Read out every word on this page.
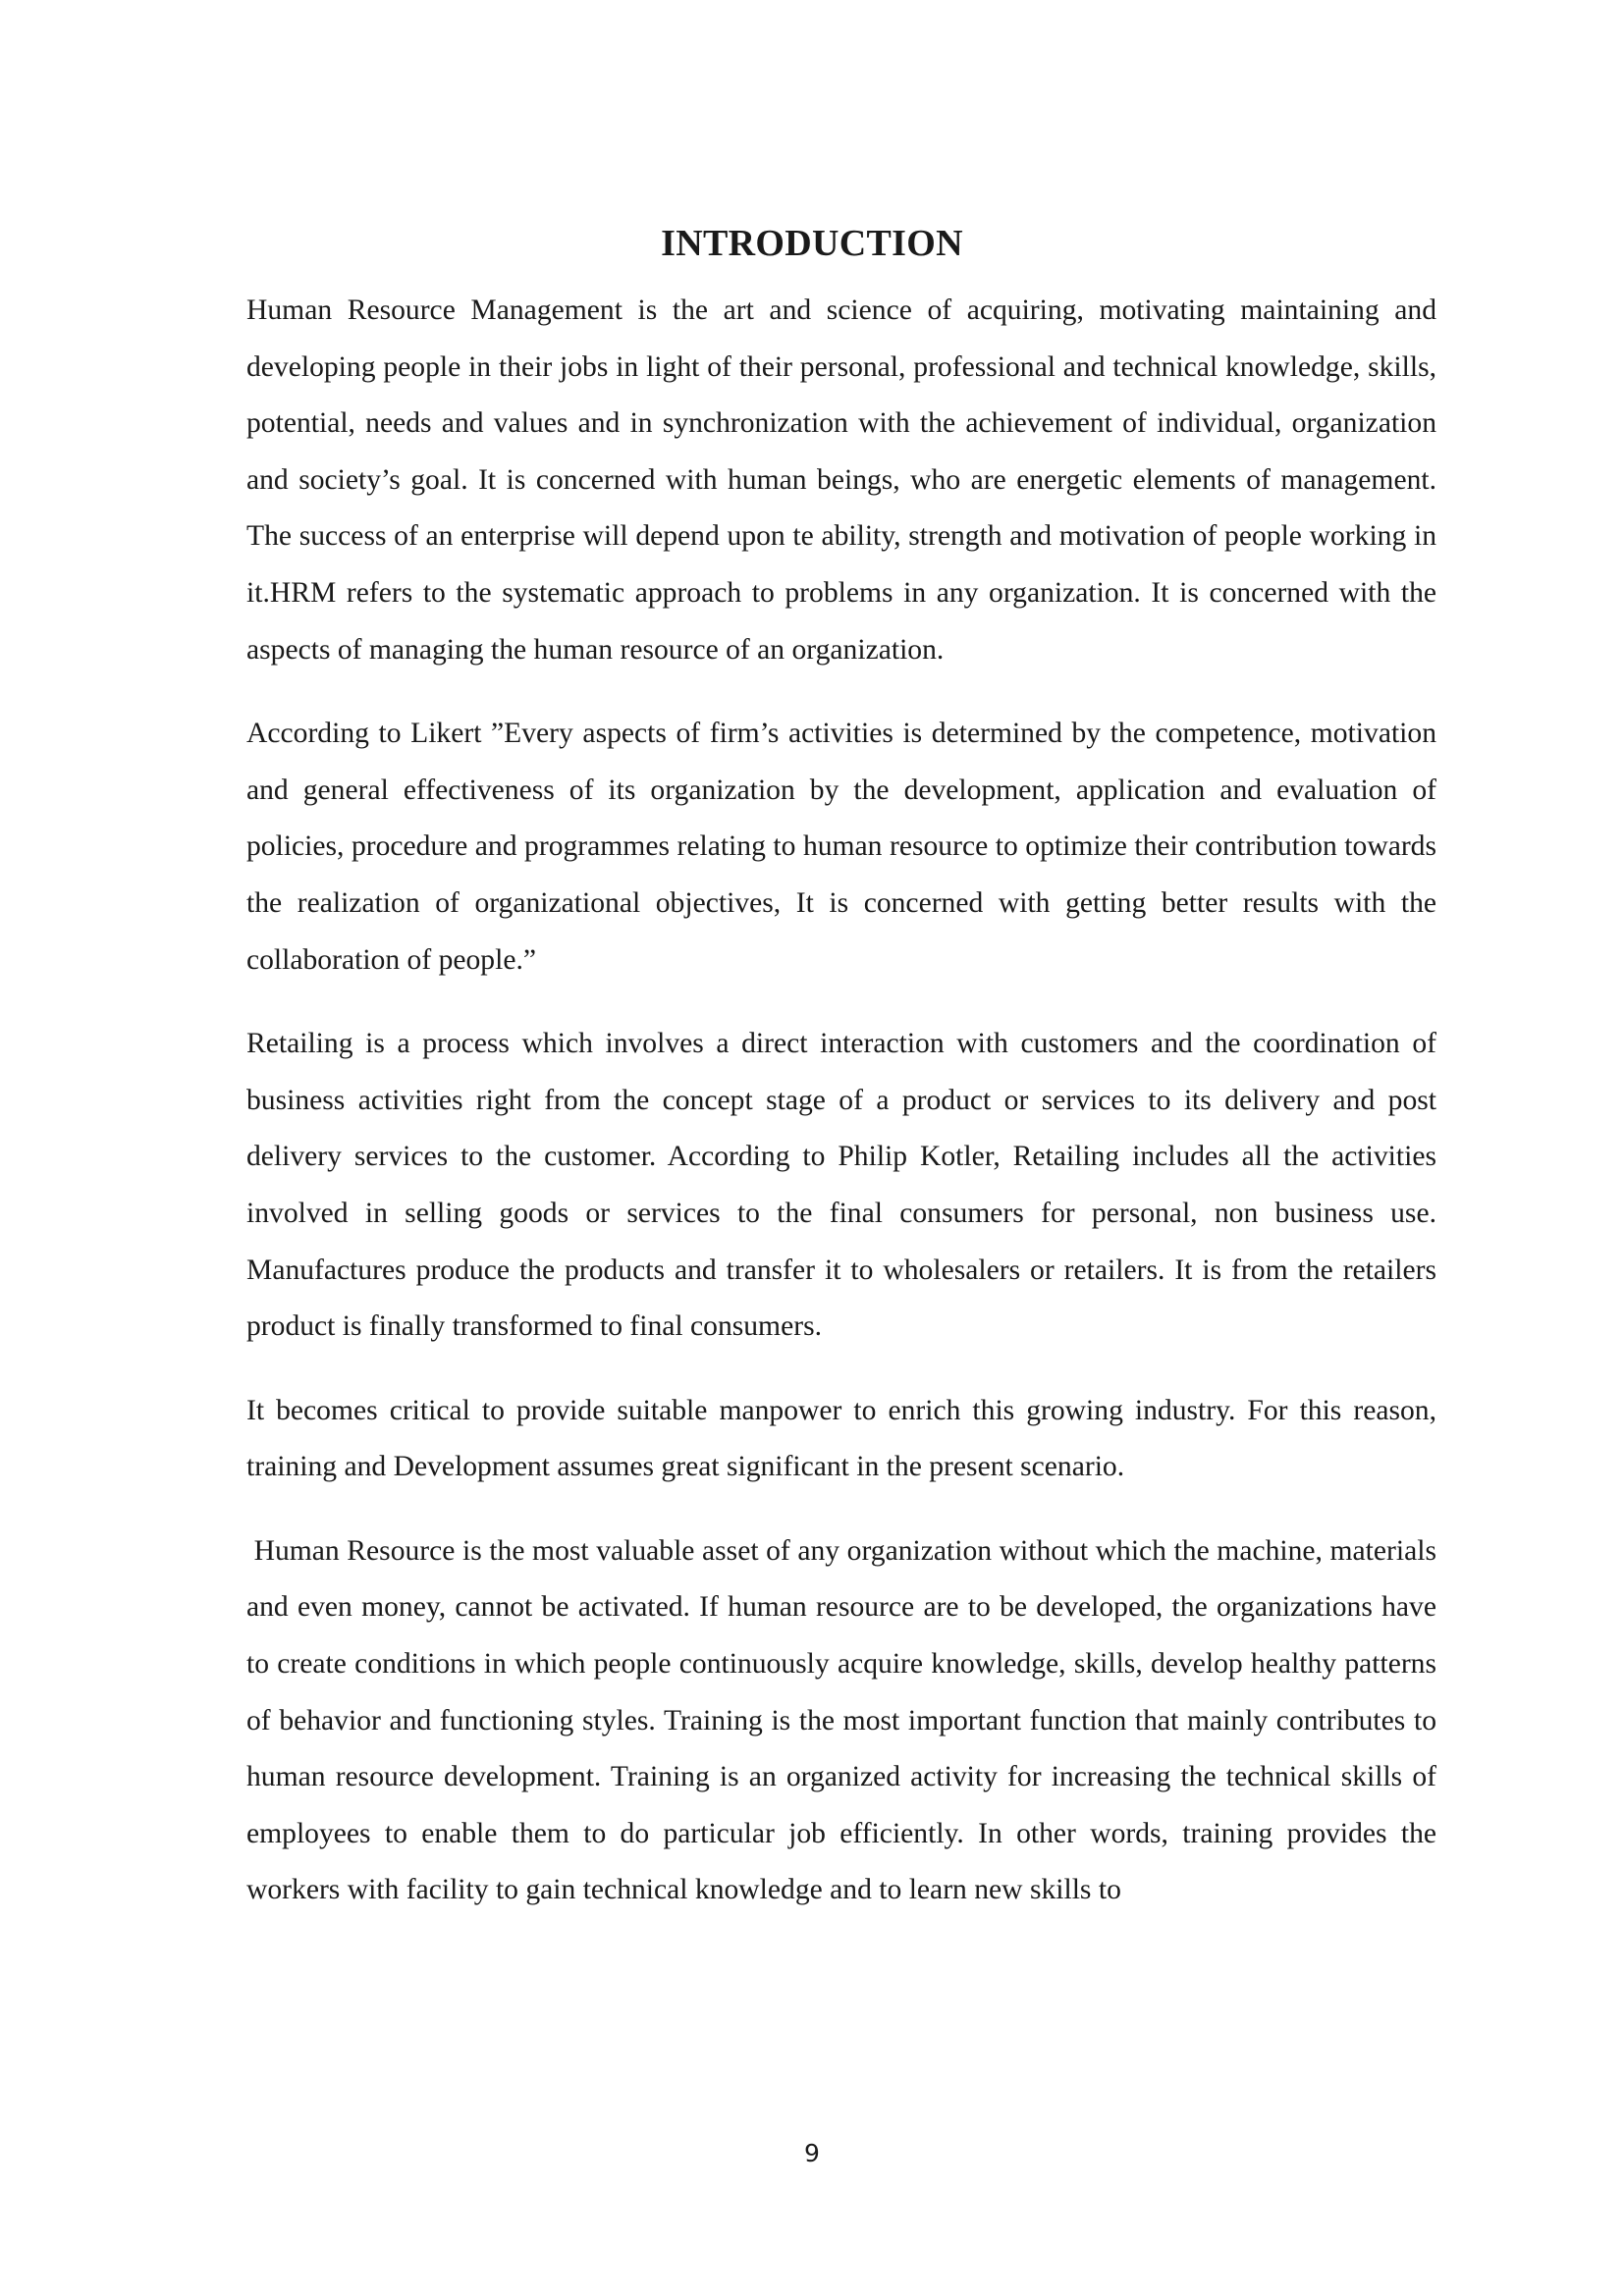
INTRODUCTION

Human Resource Management is the art and science of acquiring, motivating maintaining and developing people in their jobs in light of their personal, professional and technical knowledge, skills, potential, needs and values and in synchronization with the achievement of individual, organization and society’s goal. It is concerned with human beings, who are energetic elements of management. The success of an enterprise will depend upon te ability, strength and motivation of people working in it.HRM refers to the systematic approach to problems in any organization. It is concerned with the aspects of managing the human resource of an organization.

According to Likert ”Every aspects of firm’s activities is determined by the competence, motivation and general effectiveness of its organization by the development, application and evaluation of policies, procedure and programmes relating to human resource to optimize their contribution towards the realization of organizational objectives, It is concerned with getting better results with the collaboration of people.”

Retailing is a process which involves a direct interaction with customers and the coordination of business activities right from the concept stage of a product or services to its delivery and post delivery services to the customer. According to Philip Kotler, Retailing includes all the activities involved in selling goods or services to the final consumers for personal, non business use. Manufactures produce the products and transfer it to wholesalers or retailers. It is from the retailers product is finally transformed to final consumers.

It becomes critical to provide suitable manpower to enrich this growing industry. For this reason, training and Development assumes great significant in the present scenario.

Human Resource is the most valuable asset of any organization without which the machine, materials and even money, cannot be activated. If human resource are to be developed, the organizations have to create conditions in which people continuously acquire knowledge, skills, develop healthy patterns of behavior and functioning styles. Training is the most important function that mainly contributes to human resource development. Training is an organized activity for increasing the technical skills of employees to enable them to do particular job efficiently. In other words, training provides the workers with facility to gain technical knowledge and to learn new skills to

9
